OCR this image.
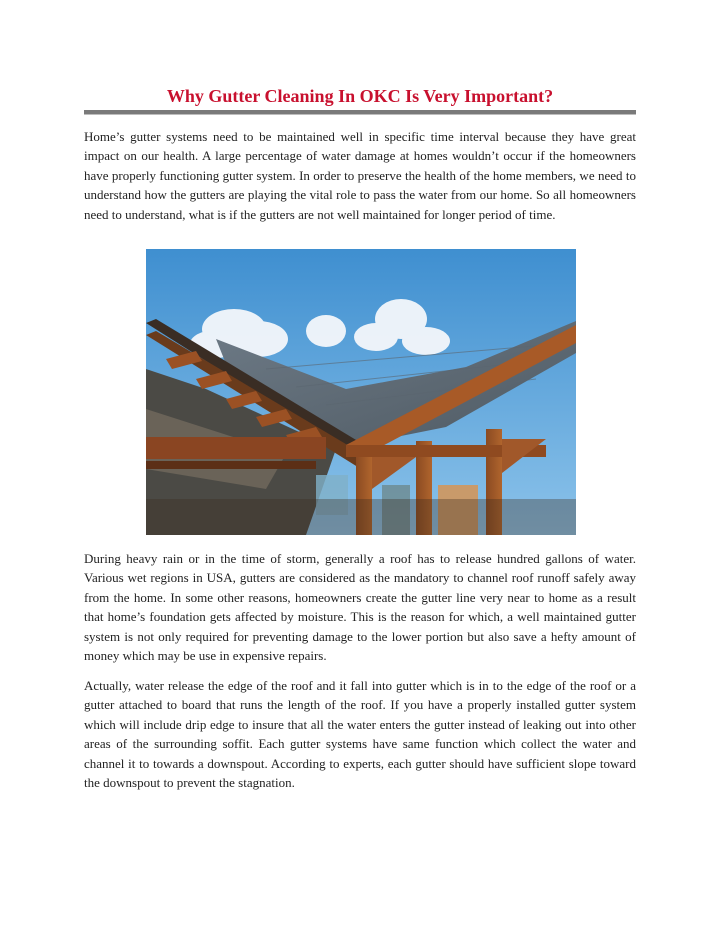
Why Gutter Cleaning In OKC Is Very Important?

Home’s gutter systems need to be maintained well in specific time interval because they have great impact on our health. A large percentage of water damage at homes wouldn’t occur if the homeowners have properly functioning gutter system. In order to preserve the health of the home members, we need to understand how the gutters are playing the vital role to pass the water from our home. So all homeowners need to understand, what is if the gutters are not well maintained for longer period of time.

During heavy rain or in the time of storm, generally a roof has to release hundred gallons of water. Various wet regions in USA, gutters are considered as the mandatory to channel roof runoff safely away from the home. In some other reasons, homeowners create the gutter line very near to home as a result that home’s foundation gets affected by moisture. This is the reason for which, a well maintained gutter system is not only required for preventing damage to the lower portion but also save a hefty amount of money which may be use in expensive repairs.

Actually, water release the edge of the roof and it fall into gutter which is in to the edge of the roof or a gutter attached to board that runs the length of the roof. If you have a properly installed gutter system which will include drip edge to insure that all the water enters the gutter instead of leaking out into other areas of the surrounding soffit. Each gutter systems have same function which collect the water and channel it to towards a downspout. According to experts, each gutter should have sufficient slope toward the downspout to prevent the stagnation.
